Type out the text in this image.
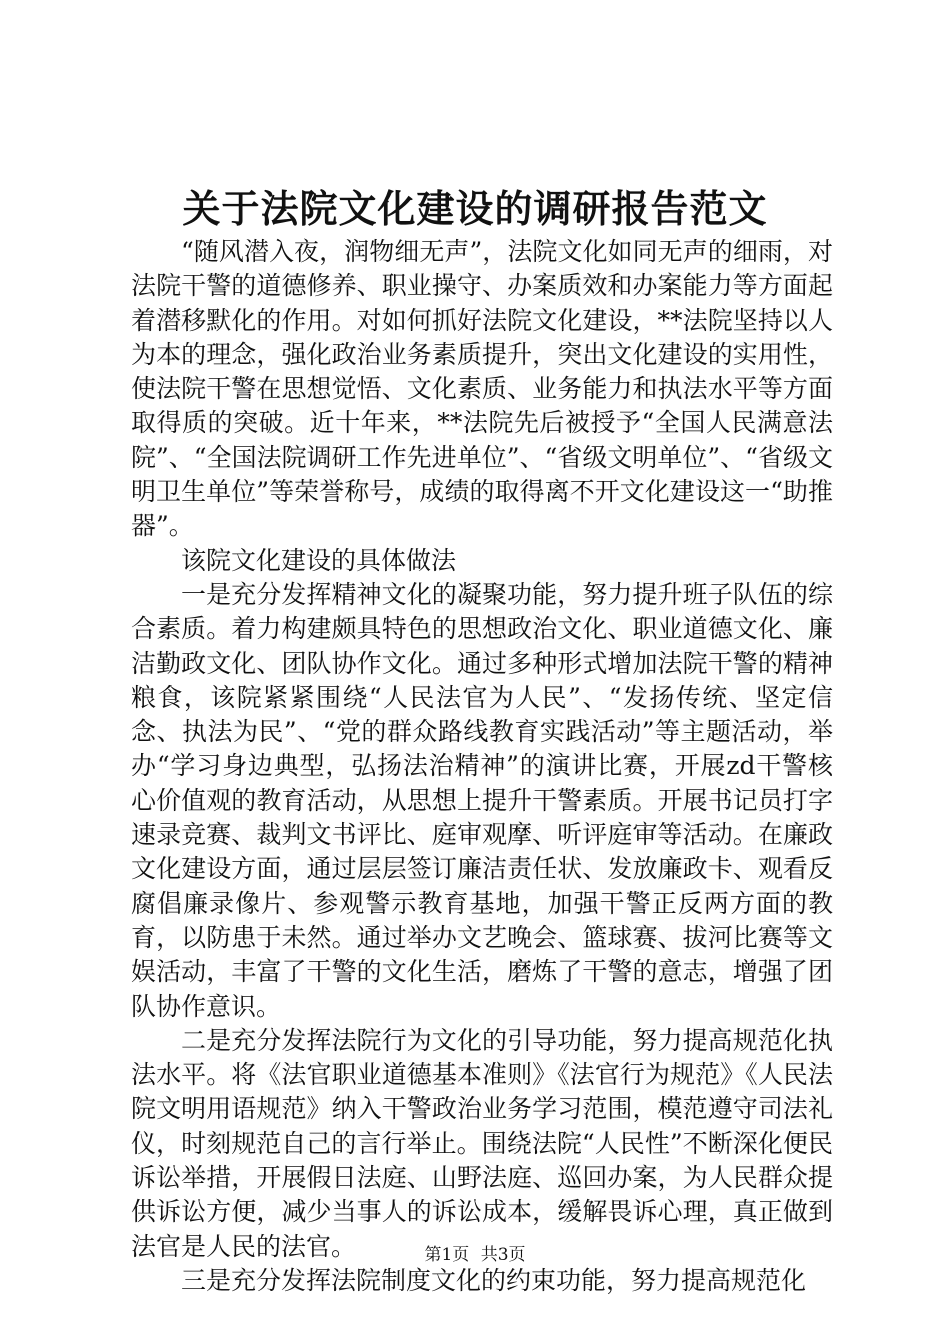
关于法院文化建设的调研报告范文

“随风潜入夜，润物细无声”，法院文化如同无声的细雨，对法院干警的道德修养、职业操守、办案质效和办案能力等方面起着潜移默化的作用。对如何抓好法院文化建设，**法院坚持以人为本的理念，强化政治业务素质提升，突出文化建设的实用性，使法院干警在思想觉悟、文化素质、业务能力和执法水平等方面取得质的突破。近十年来，**法院先后被授予“全国人民满意法院”、“全国法院调研工作先进单位”、“省级文明单位”、“省级文明卫生单位”等荣誉称号，成绩的取得离不开文化建设这一“助推器”。

该院文化建设的具体做法

一是充分发挥精神文化的凝聚功能，努力提升班子队伍的综合素质。着力构建颇具特色的思想政治文化、职业道德文化、廉洁勤政文化、团队协作文化。通过多种形式增加法院干警的精神粮食，该院紧紧围绕“人民法官为人民”、“发扬传统、坚定信念、执法为民”、“党的群众路线教育实践活动”等主题活动，举办“学习身边典型，弘扬法治精神”的演讲比赛，开展zd干警核心价值观的教育活动，从思想上提升干警素质。开展书记员打字速录竞赛、裁判文书评比、庭审观摩、听评庭审等活动。在廉政文化建设方面，通过层层签订廉洁责任状、发放廉政卡、观看反腐倡廉录像片、参观警示教育基地，加强干警正反两方面的教育，以防患于未然。通过举办文艺晚会、篮球赛、拔河比赛等文娱活动，丰富了干警的文化生活，磨炼了干警的意志，增强了团队协作意识。

二是充分发挥法院行为文化的引导功能，努力提高规范化执法水平。将《法官职业道德基本准则》《法官行为规范》《人民法院文明用语规范》纳入干警政治业务学习范围，模范遵守司法礼仪，时刻规范自己的言行举止。围绕法院“人民性”不断深化便民诉讼举措，开展假日法庭、山野法庭、巡回办案，为人民群众提供诉讼方便，减少当事人的诉讼成本，缓解畏诉心理，真正做到法官是人民的法官。

三是充分发挥法院制度文化的约束功能，努力提高规范化

第1页 共3页
